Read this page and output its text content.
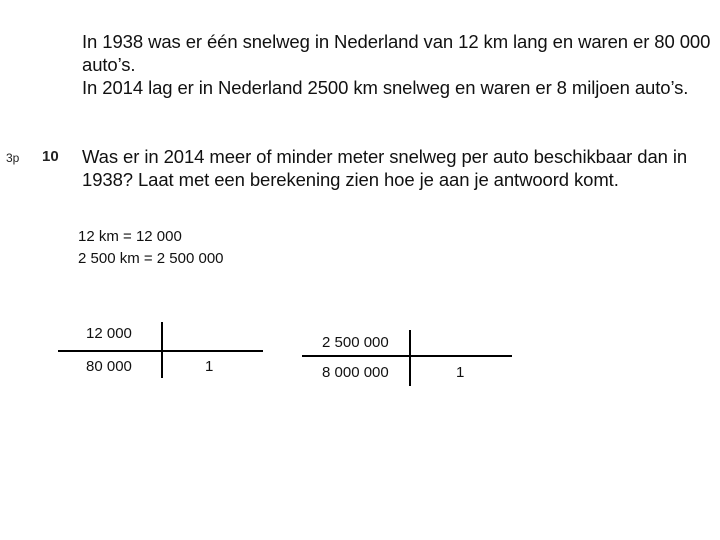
In 1938 was er één snelweg in Nederland van 12 km lang en waren er 80 000 auto’s.

In 2014 lag er in Nederland 2500 km snelweg en waren er 8 miljoen auto’s.

3p 10 Was er in 2014 meer of minder meter snelweg per auto beschikbaar dan in 1938? Laat met een berekening zien hoe je aan je antwoord komt.

12 km = 12 000
2 500 km = 2 500 000
12 000
80 000	1
2 500 000
8 000 000	1
